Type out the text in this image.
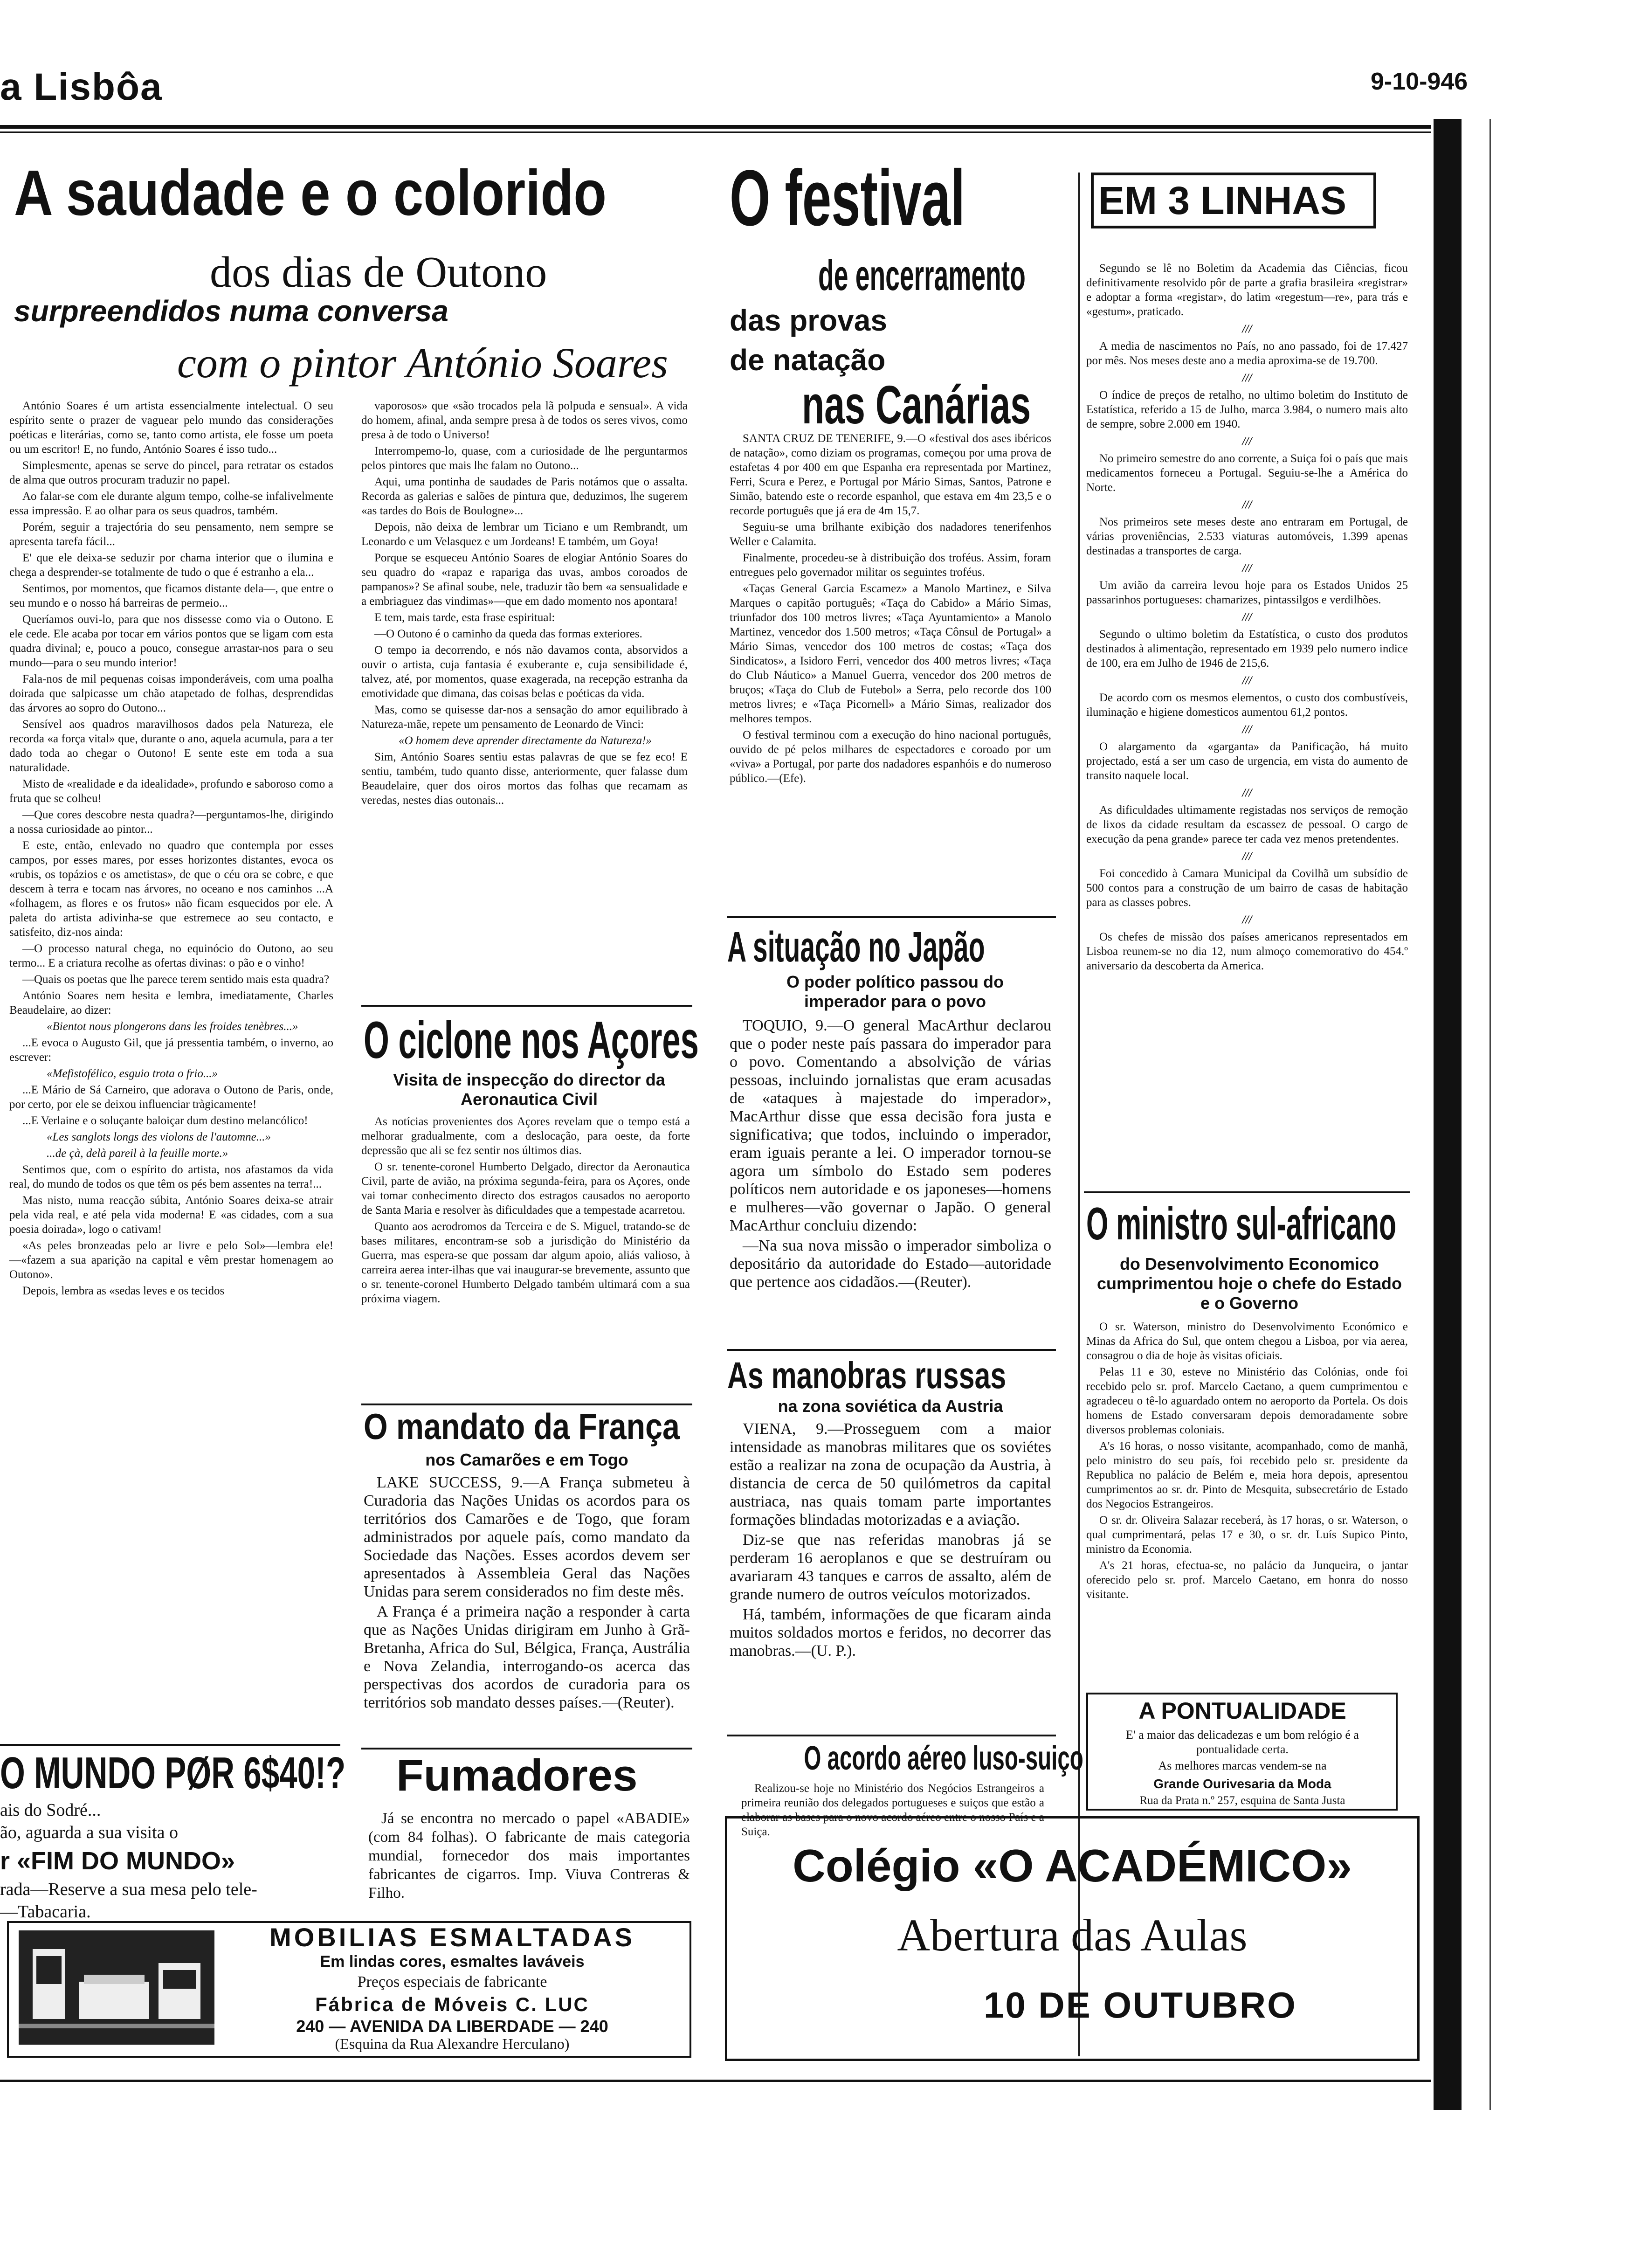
a Lisbôa	9-10-946
A saudade e o colorido
dos dias de Outono
surpreendidos numa conversa
com o pintor António Soares

António Soares é um artista essencialmente intelectual. O seu espírito sente o prazer de vaguear pelo mundo das considerações poéticas e literárias, como se, tanto como artista, ele fosse um poeta ou um escritor! E, no fundo, António Soares é isso tudo...

Simplesmente, apenas se serve do pincel, para retratar os estados de alma que outros procuram traduzir no papel.

Ao falar-se com ele durante algum tempo, colhe-se infalivelmente essa impressão. E ao olhar para os seus quadros, também.

Porém, seguir a trajectória do seu pensamento, nem sempre se apresenta tarefa fácil...

E' que ele deixa-se seduzir por chama interior que o ilumina e chega a desprender-se totalmente de tudo o que é estranho a ela...

Sentimos, por momentos, que ficamos distante dela—, que entre o seu mundo e o nosso há barreiras de permeio...

Queríamos ouvi-lo, para que nos dissesse como via o Outono. E ele cede. Ele acaba por tocar em vários pontos que se ligam com esta quadra divinal; e, pouco a pouco, consegue arrastar-nos para o seu mundo—para o seu mundo interior!

Fala-nos de mil pequenas coisas imponderáveis, com uma poalha doirada que salpicasse um chão atapetado de folhas, desprendidas das árvores ao sopro do Outono...

Sensível aos quadros maravilhosos dados pela Natureza, ele recorda «a força vital» que, durante o ano, aquela acumula, para a ter dado toda ao chegar o Outono! E sente este em toda a sua naturalidade.

Misto de «realidade e da idealidade», profundo e saboroso como a fruta que se colheu!

—Que cores descobre nesta quadra?—perguntamos-lhe, dirigindo a nossa curiosidade ao pintor...

E este, então, enlevado no quadro que contempla por esses campos, por esses mares, por esses horizontes distantes, evoca os «rubis, os topázios e os ametistas», de que o céu ora se cobre, e que descem à terra e tocam nas árvores, no oceano e nos caminhos ...A «folhagem, as flores e os frutos» não ficam esquecidos por ele. A paleta do artista adivinha-se que estremece ao seu contacto, e satisfeito, diz-nos ainda:

—O processo natural chega, no equinócio do Outono, ao seu termo... E a criatura recolhe as ofertas divinas: o pão e o vinho!

—Quais os poetas que lhe parece terem sentido mais esta quadra?

António Soares nem hesita e lembra, imediatamente, Charles Beaudelaire, ao dizer:

«Bientot nous plongerons dans les froides tenèbres...»

...E evoca o Augusto Gil, que já pressentia também, o inverno, ao escrever:

«Mefistofélico, esguio trota o frio...»

...E Mário de Sá Carneiro, que adorava o Outono de Paris, onde, por certo, por ele se deixou influenciar tràgicamente!

...E Verlaine e o soluçante baloiçar dum destino melancólico!

«Les sanglots longs des violons de l'automne...»

...de çà, delà pareil à la feuille morte.»

Sentimos que, com o espírito do artista, nos afastamos da vida real, do mundo de todos os que têm os pés bem assentes na terra!...

Mas nisto, numa reacção súbita, António Soares deixa-se atrair pela vida real, e até pela vida moderna! E «as cidades, com a sua poesia doirada», logo o cativam!

«As peles bronzeadas pelo ar livre e pelo Sol»—lembra ele!—«fazem a sua aparição na capital e vêm prestar homenagem ao Outono».

Depois, lembra as «sedas leves e os tecidos

vaporosos» que «são trocados pela lã polpuda e sensual». A vida do homem, afinal, anda sempre presa à de todos os seres vivos, como presa à de todo o Universo!

Interrompemo-lo, quase, com a curiosidade de lhe perguntarmos pelos pintores que mais lhe falam no Outono...

Aqui, uma pontinha de saudades de Paris notámos que o assalta. Recorda as galerias e salões de pintura que, deduzimos, lhe sugerem «as tardes do Bois de Boulogne»...

Depois, não deixa de lembrar um Ticiano e um Rembrandt, um Leonardo e um Velasquez e um Jordeans! E também, um Goya!

Porque se esqueceu António Soares de elogiar António Soares do seu quadro do «rapaz e rapariga das uvas, ambos coroados de pampanos»? Se afinal soube, nele, traduzir tão bem «a sensualidade e a embriaguez das vindimas»—que em dado momento nos apontara!

E tem, mais tarde, esta frase espiritual:

—O Outono é o caminho da queda das formas exteriores.

O tempo ia decorrendo, e nós não davamos conta, absorvidos a ouvir o artista, cuja fantasia é exuberante e, cuja sensibilidade é, talvez, até, por momentos, quase exagerada, na recepção estranha da emotividade que dimana, das coisas belas e poéticas da vida.

Mas, como se quisesse dar-nos a sensação do amor equilibrado à Natureza-mãe, repete um pensamento de Leonardo de Vinci:

«O homem deve aprender directamente da Natureza!»

Sim, António Soares sentiu estas palavras de que se fez eco! E sentiu, também, tudo quanto disse, anteriormente, quer falasse dum Beaudelaire, quer dos oiros mortos das folhas que recamam as veredas, nestes dias outonais...

O ciclone nos Açores
Visita de inspecção do director da Aeronautica Civil

As notícias provenientes dos Açores revelam que o tempo está a melhorar gradualmente, com a deslocação, para oeste, da forte depressão que ali se fez sentir nos últimos dias.

O sr. tenente-coronel Humberto Delgado, director da Aeronautica Civil, parte de avião, na próxima segunda-feira, para os Açores, onde vai tomar conhecimento directo dos estragos causados no aeroporto de Santa Maria e resolver às dificuldades que a tempestade acarretou.

Quanto aos aerodromos da Terceira e de S. Miguel, tratando-se de bases militares, encontram-se sob a jurisdição do Ministério da Guerra, mas espera-se que possam dar algum apoio, aliás valioso, à carreira aerea inter-ilhas que vai inaugurar-se brevemente, assunto que o sr. tenente-coronel Humberto Delgado também ultimará com a sua próxima viagem.

O mandato da França
nos Camarões e em Togo

LAKE SUCCESS, 9.—A França submeteu à Curadoria das Nações Unidas os acordos para os territórios dos Camarões e de Togo, que foram administrados por aquele país, como mandato da Sociedade das Nações. Esses acordos devem ser apresentados à Assembleia Geral das Nações Unidas para serem considerados no fim deste mês.

A França é a primeira nação a responder à carta que as Nações Unidas dirigiram em Junho à Grã-Bretanha, Africa do Sul, Bélgica, França, Austrália e Nova Zelandia, interrogando-os acerca das perspectivas dos acordos de curadoria para os territórios sob mandato desses países.—(Reuter).

Fumadores

Já se encontra no mercado o papel «ABADIE» (com 84 folhas). O fabricante de mais categoria mundial, fornecedor dos mais importantes fabricantes de cigarros. Imp. Viuva Contreras & Filho.

O MUNDO PØR 6$40!?
ais do Sodré...
ão, aguarda a sua visita o
r «FIM DO MUNDO»
rada—Reserve a sua mesa pelo tele-
—Tabacaria.
MOBILIAS ESMALTADAS
Em lindas cores, esmaltes laváveis
Preços especiais de fabricante
Fábrica de Móveis C. LUC
240 — AVENIDA DA LIBERDADE — 240
(Esquina da Rua Alexandre Herculano)
O festival
de encerramento
das provas
de natação
nas Canárias

SANTA CRUZ DE TENERIFE, 9.—O «festival dos ases ibéricos de natação», como diziam os programas, começou por uma prova de estafetas 4 por 400 em que Espanha era representada por Martinez, Ferri, Scura e Perez, e Portugal por Mário Simas, Santos, Patrone e Simão, batendo este o recorde espanhol, que estava em 4m 23,5 e o recorde português que já era de 4m 15,7.

Seguiu-se uma brilhante exibição dos nadadores tenerifenhos Weller e Calamita.

Finalmente, procedeu-se à distribuição dos troféus. Assim, foram entregues pelo governador militar os seguintes troféus.

«Taças General Garcia Escamez» a Manolo Martinez, e Silva Marques o capitão português; «Taça do Cabido» a Mário Simas, triunfador dos 100 metros livres; «Taça Ayuntamiento» a Manolo Martinez, vencedor dos 1.500 metros; «Taça Cônsul de Portugal» a Mário Simas, vencedor dos 100 metros de costas; «Taça dos Sindicatos», a Isidoro Ferri, vencedor dos 400 metros livres; «Taça do Club Náutico» a Manuel Guerra, vencedor dos 200 metros de bruços; «Taça do Club de Futebol» a Serra, pelo recorde dos 100 metros livres; e «Taça Picornell» a Mário Simas, realizador dos melhores tempos.

O festival terminou com a execução do hino nacional português, ouvido de pé pelos milhares de espectadores e coroado por um «viva» a Portugal, por parte dos nadadores espanhóis e do numeroso público.—(Efe).

A situação no Japão
O poder político passou do imperador para o povo

TOQUIO, 9.—O general MacArthur declarou que o poder neste país passara do imperador para o povo. Comentando a absolvição de várias pessoas, incluindo jornalistas que eram acusadas de «ataques à majestade do imperador», MacArthur disse que essa decisão fora justa e significativa; que todos, incluindo o imperador, eram iguais perante a lei. O imperador tornou-se agora um símbolo do Estado sem poderes políticos nem autoridade e os japoneses—homens e mulheres—vão governar o Japão. O general MacArthur concluiu dizendo:

—Na sua nova missão o imperador simboliza o depositário da autoridade do Estado—autoridade que pertence aos cidadãos.—(Reuter).

As manobras russas
na zona soviética da Austria

VIENA, 9.—Prosseguem com a maior intensidade as manobras militares que os soviétes estão a realizar na zona de ocupação da Austria, à distancia de cerca de 50 quilómetros da capital austriaca, nas quais tomam parte importantes formações blindadas motorizadas e a aviação.

Diz-se que nas referidas manobras já se perderam 16 aeroplanos e que se destruíram ou avariaram 43 tanques e carros de assalto, além de grande numero de outros veículos motorizados.

Há, também, informações de que ficaram ainda muitos soldados mortos e feridos, no decorrer das manobras.—(U. P.).

O acordo aéreo luso-suiço

Realizou-se hoje no Ministério dos Negócios Estrangeiros a primeira reunião dos delegados portugueses e suiços que estão a elaborar as bases para o novo acordo aéreo entre o nosso País e a Suiça.

EM 3 LINHAS

Segundo se lê no Boletim da Academia das Ciências, ficou definitivamente resolvido pôr de parte a grafia brasileira «registrar» e adoptar a forma «registar», do latim «regestum—re», para trás e «gestum», praticado.

///

A media de nascimentos no País, no ano passado, foi de 17.427 por mês. Nos meses deste ano a media aproxima-se de 19.700.

///

O índice de preços de retalho, no ultimo boletim do Instituto de Estatística, referido a 15 de Julho, marca 3.984, o numero mais alto de sempre, sobre 2.000 em 1940.

///

No primeiro semestre do ano corrente, a Suiça foi o país que mais medicamentos forneceu a Portugal. Seguiu-se-lhe a América do Norte.

///

Nos primeiros sete meses deste ano entraram em Portugal, de várias proveniências, 2.533 viaturas automóveis, 1.399 apenas destinadas a transportes de carga.

///

Um avião da carreira levou hoje para os Estados Unidos 25 passarinhos portugueses: chamarizes, pintassilgos e verdilhões.

///

Segundo o ultimo boletim da Estatística, o custo dos produtos destinados à alimentação, representado em 1939 pelo numero indice de 100, era em Julho de 1946 de 215,6.

///

De acordo com os mesmos elementos, o custo dos combustíveis, iluminação e higiene domesticos aumentou 61,2 pontos.

///

O alargamento da «garganta» da Panificação, há muito projectado, está a ser um caso de urgencia, em vista do aumento de transito naquele local.

///

As dificuldades ultimamente registadas nos serviços de remoção de lixos da cidade resultam da escassez de pessoal. O cargo de execução da pena grande» parece ter cada vez menos pretendentes.

///

Foi concedido à Camara Municipal da Covilhã um subsídio de 500 contos para a construção de um bairro de casas de habitação para as classes pobres.

///

Os chefes de missão dos países americanos representados em Lisboa reunem-se no dia 12, num almoço comemorativo do 454.º aniversario da descoberta da America.

O ministro sul-africano
do Desenvolvimento Economico cumprimentou hoje o chefe do Estado e o Governo

O sr. Waterson, ministro do Desenvolvimento Económico e Minas da Africa do Sul, que ontem chegou a Lisboa, por via aerea, consagrou o dia de hoje às visitas oficiais.

Pelas 11 e 30, esteve no Ministério das Colónias, onde foi recebido pelo sr. prof. Marcelo Caetano, a quem cumprimentou e agradeceu o tê-lo aguardado ontem no aeroporto da Portela. Os dois homens de Estado conversaram depois demoradamente sobre diversos problemas coloniais.

A's 16 horas, o nosso visitante, acompanhado, como de manhã, pelo ministro do seu país, foi recebido pelo sr. presidente da Republica no palácio de Belém e, meia hora depois, apresentou cumprimentos ao sr. dr. Pinto de Mesquita, subsecretário de Estado dos Negocios Estrangeiros.

O sr. dr. Oliveira Salazar receberá, às 17 horas, o sr. Waterson, o qual cumprimentará, pelas 17 e 30, o sr. dr. Luís Supico Pinto, ministro da Economia.

A's 21 horas, efectua-se, no palácio da Junqueira, o jantar oferecido pelo sr. prof. Marcelo Caetano, em honra do nosso visitante.

A PONTUALIDADE
E' a maior das delicadezas e um bom relógio é a pontualidade certa.
As melhores marcas vendem-se na
Grande Ourivesaria da Moda
Rua da Prata n.º 257, esquina de Santa Justa
Colégio «O ACADÉMICO»
Abertura das Aulas
10 DE OUTUBRO
